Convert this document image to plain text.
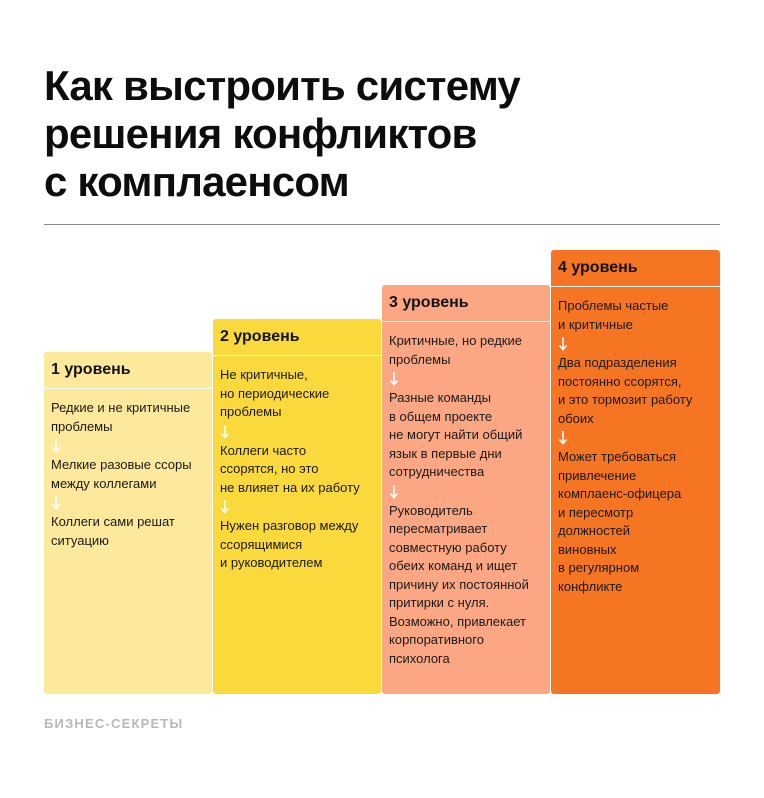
Как выстроить систему
решения конфликтов
с комплаенсом
1 уровень

Редкие и не критичные
проблемы

Мелкие разовые ссоры
между коллегами

Коллеги сами решат
ситуацию

2 уровень

Не критичные,
но периодические
проблемы

Коллеги часто
ссорятся, но это
не влияет на их работу

Нужен разговор между
ссорящимися
и руководителем

3 уровень

Критичные, но редкие
проблемы

Разные команды
в общем проекте
не могут найти общий
язык в первые дни
сотрудничества

Руководитель
пересматривает
совместную работу
обеих команд и ищет
причину их постоянной
притирки с нуля.
Возможно, привлекает
корпоративного
психолога

4 уровень

Проблемы частые
и критичные

Два подразделения
постоянно ссорятся,
и это тормозит работу
обоих

Может требоваться
привлечение
комплаенс-офицера
и пересмотр
должностей
виновных
в регулярном
конфликте

БИЗНЕС-СЕКРЕТЫ
